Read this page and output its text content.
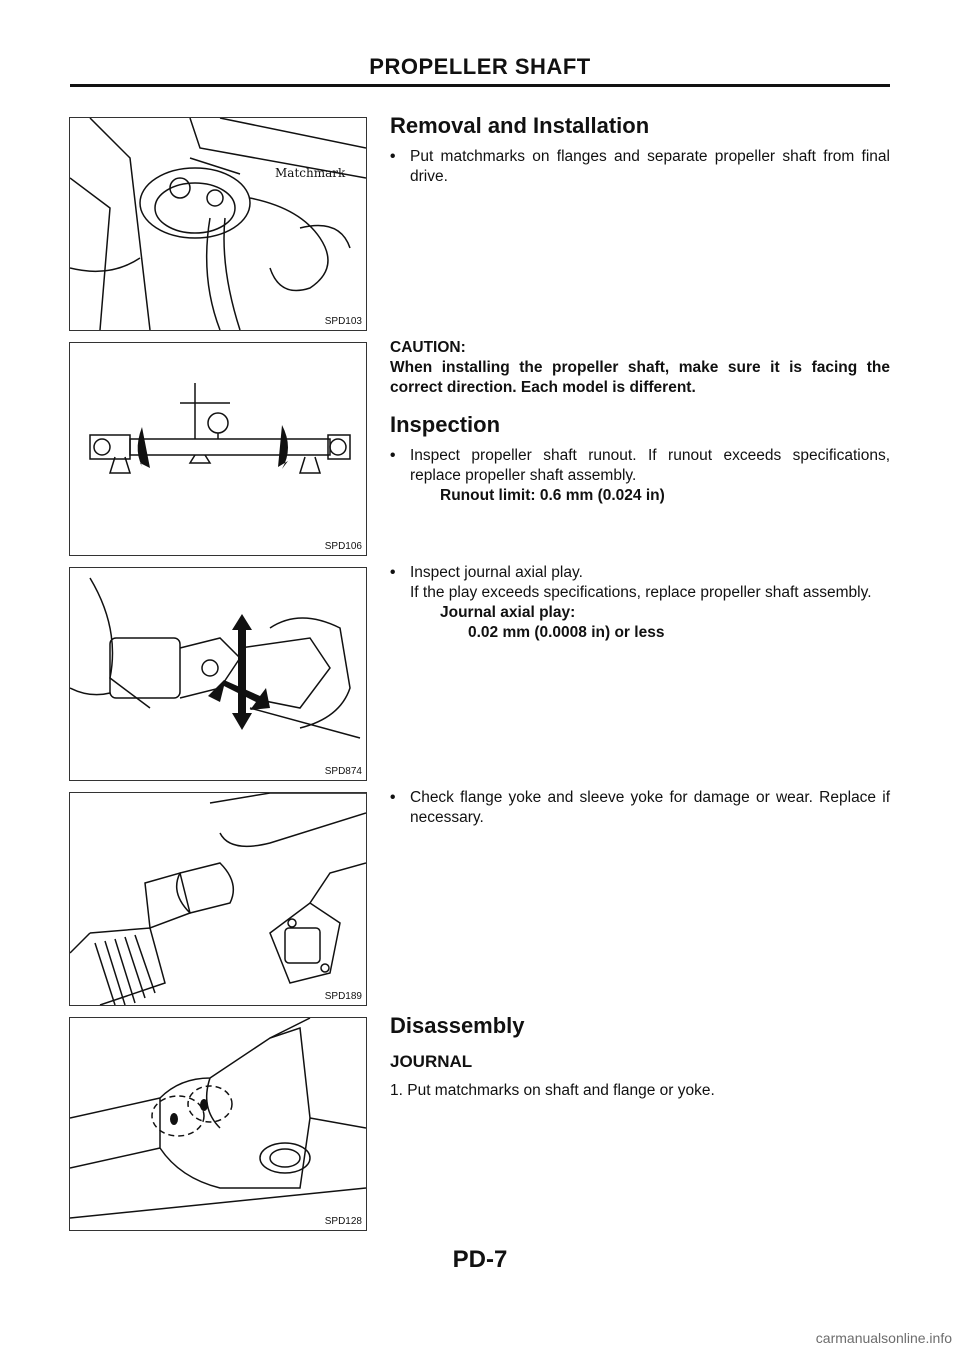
PROPELLER SHAFT
Matchmark
SPD103
SPD106
SPD874
SPD189
SPD128
Removal and Installation
• Put matchmarks on flanges and separate propeller shaft from final drive.

CAUTION:

When installing the propeller shaft, make sure it is facing the correct direction. Each model is different.

Inspection
• Inspect propeller shaft runout. If runout exceeds specifications, replace propeller shaft assembly.

Runout limit: 0.6 mm (0.024 in)

• Inspect journal axial play.
If the play exceeds specifications, replace propeller shaft assembly.

Journal axial play:

0.02 mm (0.0008 in) or less

• Check flange yoke and sleeve yoke for damage or wear. Replace if necessary.
Disassembly
JOURNAL

1. Put matchmarks on shaft and flange or yoke.

PD-7
carmanualsonline.info
